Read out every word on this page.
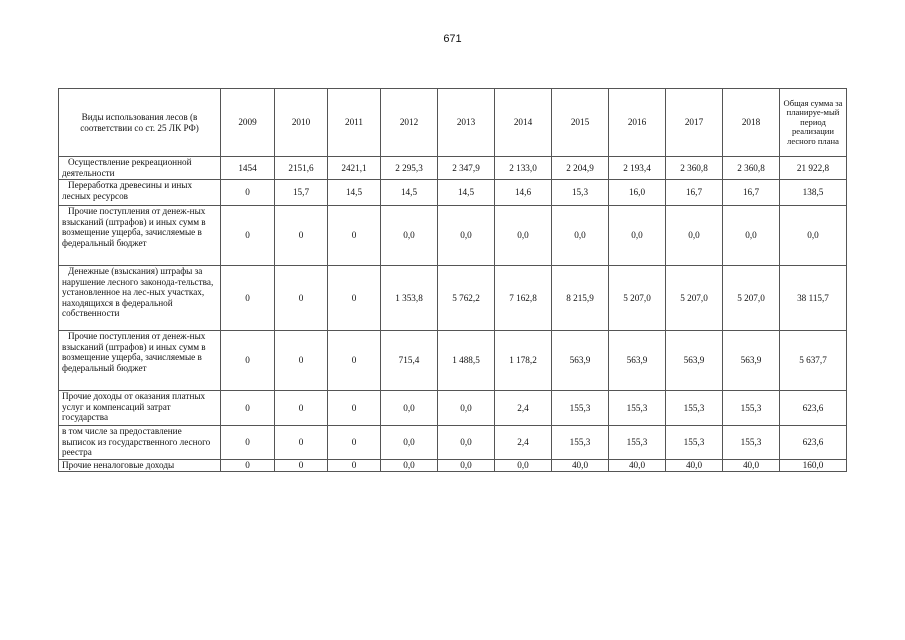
671
Виды использования лесов (в соответствии со ст. 25 ЛК РФ)	2009	2010	2011	2012	2013	2014	2015	2016	2017	2018	Общая сумма за планируе-мый период реализации лесного плана
Осуществление рекреационной деятельности	1454	2151,6	2421,1	2 295,3	2 347,9	2 133,0	2 204,9	2 193,4	2 360,8	2 360,8	21 922,8
Переработка древесины и иных лесных ресурсов	0	15,7	14,5	14,5	14,5	14,6	15,3	16,0	16,7	16,7	138,5
Прочие поступления от денеж-ных взысканий (штрафов) и иных сумм в возмещение ущерба, зачисляемые в федеральный бюджет	0	0	0	0,0	0,0	0,0	0,0	0,0	0,0	0,0	0,0
Денежные (взыскания) штрафы за нарушение лесного законода-тельства, установленное на лес-ных участках, находящихся в федеральной собственности	0	0	0	1 353,8	5 762,2	7 162,8	8 215,9	5 207,0	5 207,0	5 207,0	38 115,7
Прочие поступления от денеж-ных взысканий (штрафов) и иных сумм в возмещение ущерба, зачисляемые в федеральный бюджет	0	0	0	715,4	1 488,5	1 178,2	563,9	563,9	563,9	563,9	5 637,7
Прочие доходы от оказания платных услуг и компенсаций затрат государства	0	0	0	0,0	0,0	2,4	155,3	155,3	155,3	155,3	623,6
в том числе за предоставление выписок из государственного лесного реестра	0	0	0	0,0	0,0	2,4	155,3	155,3	155,3	155,3	623,6
Прочие неналоговые доходы	0	0	0	0,0	0,0	0,0	40,0	40,0	40,0	40,0	160,0
